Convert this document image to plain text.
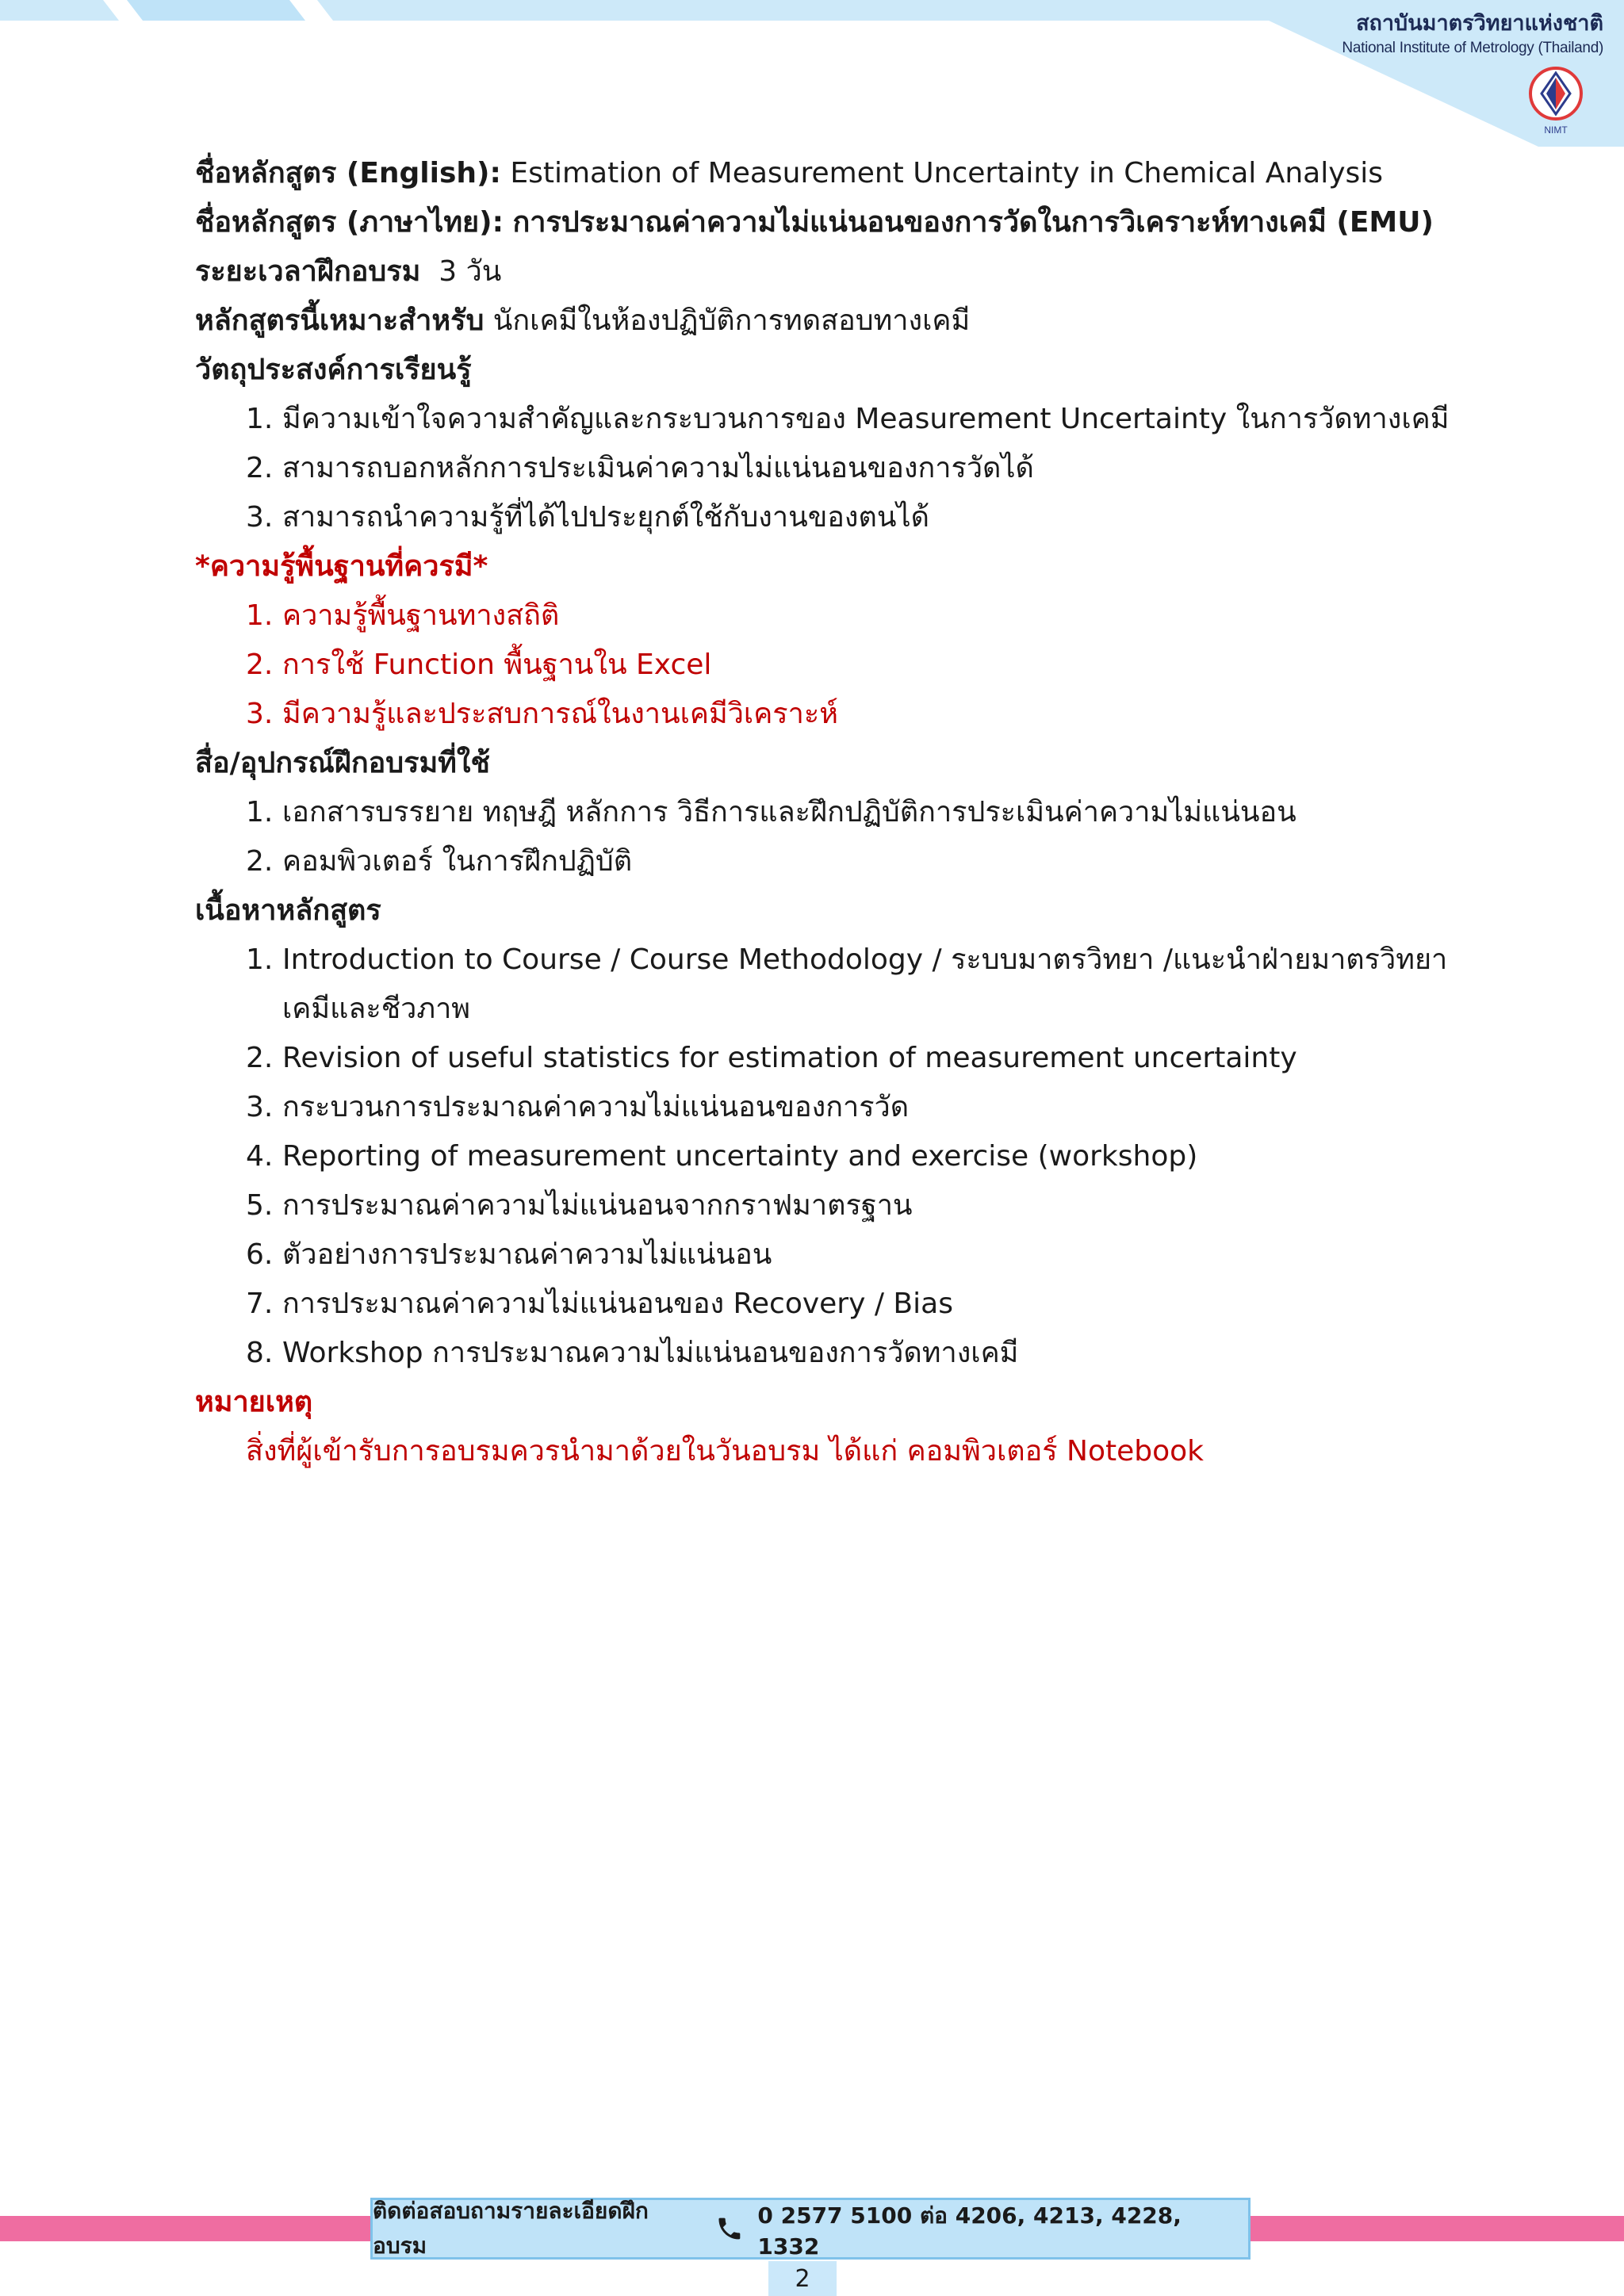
สถาบันมาตรวิทยาแห่งชาติ
National Institute of Metrology (Thailand)
NIMT

ชื่อหลักสูตร (English): Estimation of Measurement Uncertainty in Chemical Analysis

ชื่อหลักสูตร (ภาษาไทย): การประมาณค่าความไม่แน่นอนของการวัดในการวิเคราะห์ทางเคมี (EMU)

ระยะเวลาฝึกอบรม 3 วัน

หลักสูตรนี้เหมาะสำหรับ นักเคมีในห้องปฏิบัติการทดสอบทางเคมี

วัตถุประสงค์การเรียนรู้

1. มีความเข้าใจความสำคัญและกระบวนการของ Measurement Uncertainty ในการวัดทางเคมี
2. สามารถบอกหลักการประเมินค่าความไม่แน่นอนของการวัดได้
3. สามารถนำความรู้ที่ได้ไปประยุกต์ใช้กับงานของตนได้

*ความรู้พื้นฐานที่ควรมี*

1. ความรู้พื้นฐานทางสถิติ
2. การใช้ Function พื้นฐานใน Excel
3. มีความรู้และประสบการณ์ในงานเคมีวิเคราะห์

สื่อ/อุปกรณ์ฝึกอบรมที่ใช้

1. เอกสารบรรยาย ทฤษฎี หลักการ วิธีการและฝึกปฏิบัติการประเมินค่าความไม่แน่นอน
2. คอมพิวเตอร์ ในการฝึกปฏิบัติ

เนื้อหาหลักสูตร

1. Introduction to Course / Course Methodology / ระบบมาตรวิทยา /แนะนำฝ่ายมาตรวิทยา
เคมีและชีวภาพ
2. Revision of useful statistics for estimation of measurement uncertainty
3. กระบวนการประมาณค่าความไม่แน่นอนของการวัด
4. Reporting of measurement uncertainty and exercise (workshop)
5. การประมาณค่าความไม่แน่นอนจากกราฟมาตรฐาน
6. ตัวอย่างการประมาณค่าความไม่แน่นอน
7. การประมาณค่าความไม่แน่นอนของ Recovery / Bias
8. Workshop การประมาณความไม่แน่นอนของการวัดทางเคมี

หมายเหตุ

สิ่งที่ผู้เข้ารับการอบรมควรนำมาด้วยในวันอบรม ได้แก่ คอมพิวเตอร์ Notebook

ติดต่อสอบถามรายละเอียดฝึกอบรม
0 2577 5100 ต่อ 4206, 4213, 4228, 1332
2
